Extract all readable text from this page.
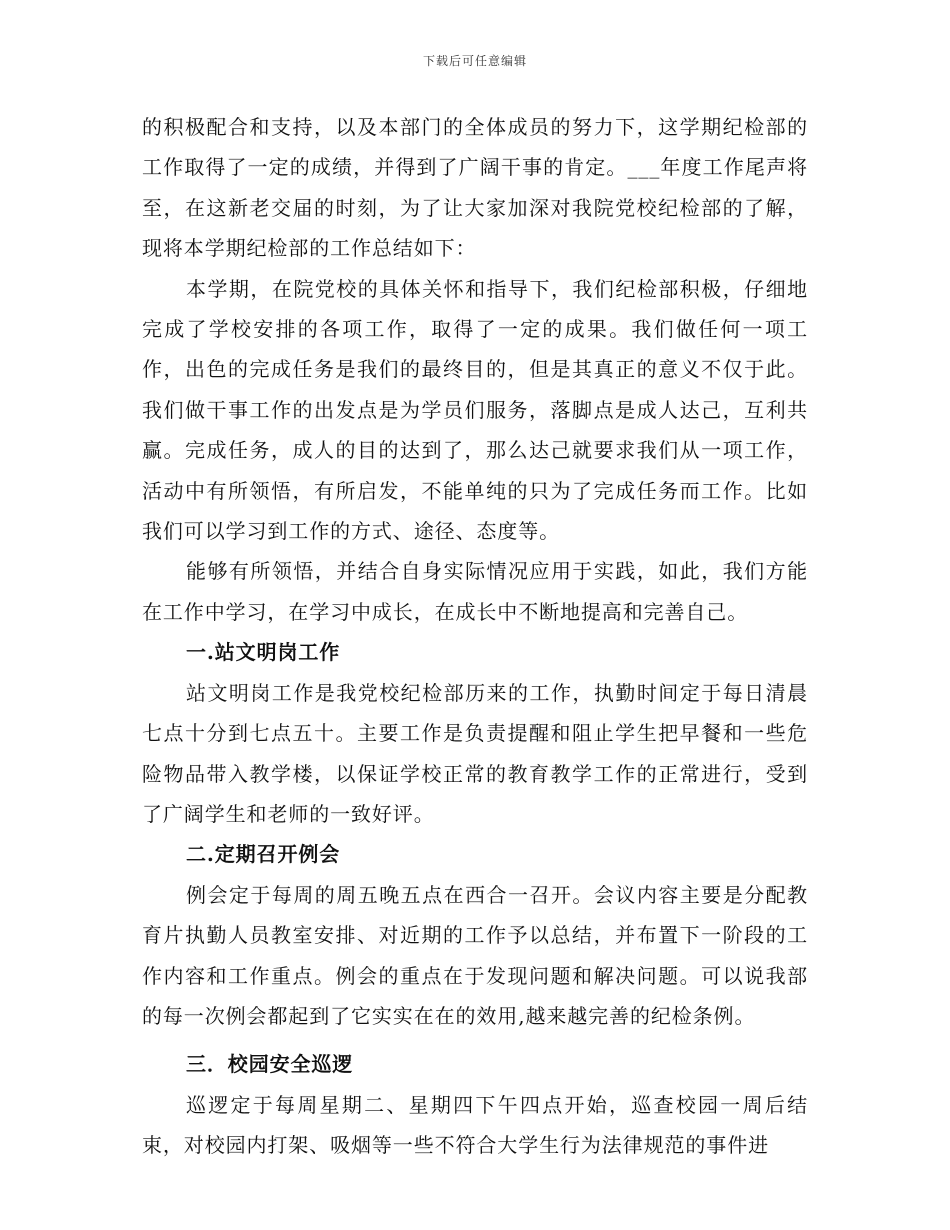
下载后可任意编辑

的积极配合和支持，以及本部门的全体成员的努力下，这学期纪检部的工作取得了一定的成绩，并得到了广阔干事的肯定。___年度工作尾声将至，在这新老交届的时刻，为了让大家加深对我院党校纪检部的了解，现将本学期纪检部的工作总结如下：

本学期，在院党校的具体关怀和指导下，我们纪检部积极，仔细地完成了学校安排的各项工作，取得了一定的成果。我们做任何一项工作，出色的完成任务是我们的最终目的，但是其真正的意义不仅于此。我们做干事工作的出发点是为学员们服务，落脚点是成人达己，互利共赢。完成任务，成人的目的达到了，那么达己就要求我们从一项工作，活动中有所领悟，有所启发，不能单纯的只为了完成任务而工作。比如我们可以学习到工作的方式、途径、态度等。

能够有所领悟，并结合自身实际情况应用于实践，如此，我们方能在工作中学习，在学习中成长，在成长中不断地提高和完善自己。

一.站文明岗工作

站文明岗工作是我党校纪检部历来的工作，执勤时间定于每日清晨七点十分到七点五十。主要工作是负责提醒和阻止学生把早餐和一些危险物品带入教学楼，以保证学校正常的教育教学工作的正常进行，受到了广阔学生和老师的一致好评。

二.定期召开例会

例会定于每周的周五晚五点在西合一召开。会议内容主要是分配教育片执勤人员教室安排、对近期的工作予以总结，并布置下一阶段的工作内容和工作重点。例会的重点在于发现问题和解决问题。可以说我部的每一次例会都起到了它实实在在的效用,越来越完善的纪检条例。

三．校园安全巡逻

巡逻定于每周星期二、星期四下午四点开始，巡查校园一周后结束，对校园内打架、吸烟等一些不符合大学生行为法律规范的事件进
